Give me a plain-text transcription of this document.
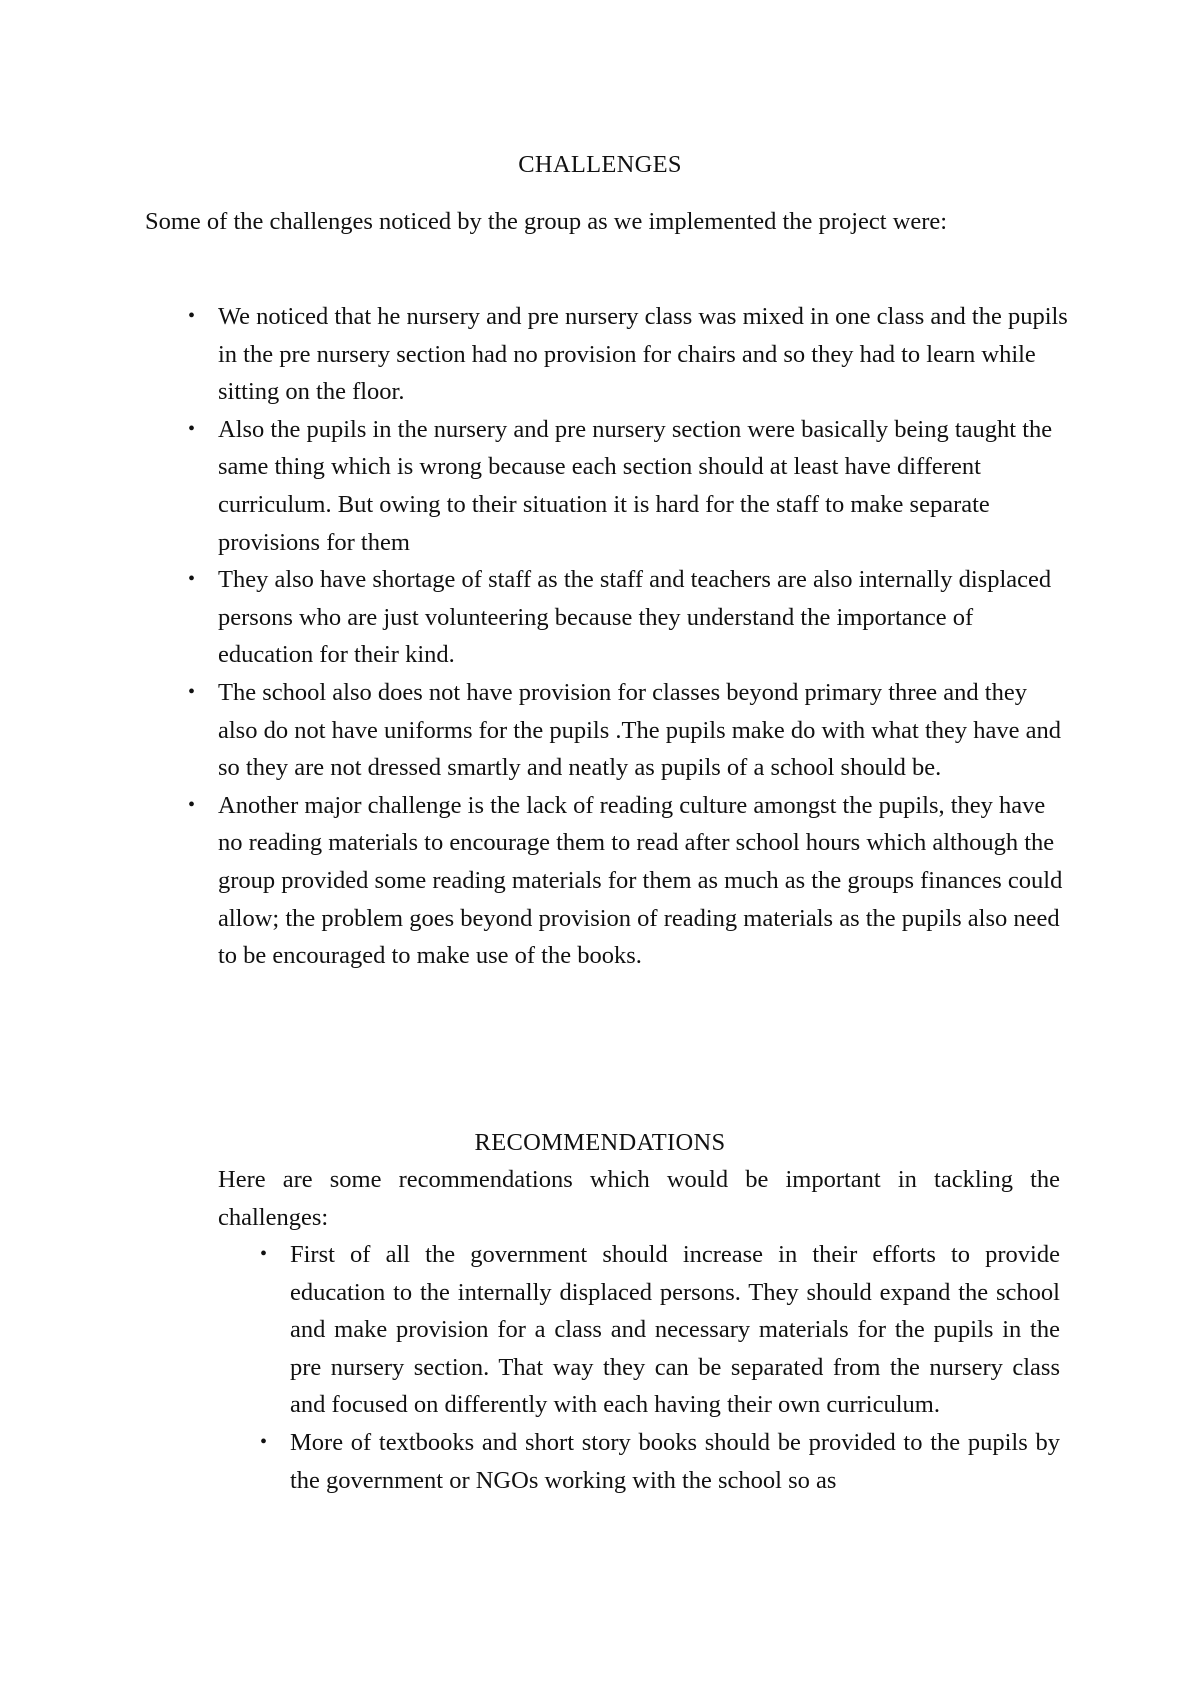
CHALLENGES
Some of the challenges noticed by the group as we implemented the project were:
• We noticed that he nursery and pre nursery class was mixed in one class and the pupils in the pre nursery section had no provision for chairs and so they had to learn while sitting on the floor.
• Also the pupils in the nursery and pre nursery section were basically being taught the same thing which is wrong because each section should at least have different curriculum. But owing to their situation it is hard for the staff to make separate provisions for them
• They also have shortage of staff as the staff and teachers are also internally displaced persons who are just volunteering because they understand the importance of education for their kind.
• The school also does not have provision for classes beyond primary three and they also do not have uniforms for the pupils .The pupils make do with what they have and so they are not dressed smartly and neatly as pupils of a school should be.
• Another major challenge is the lack of reading culture amongst the pupils, they have no reading materials to encourage them to read after school hours which although the group provided some reading materials for them as much as the groups finances could allow; the problem goes beyond provision of reading materials as the pupils also need to be encouraged to make use of the books.
RECOMMENDATIONS
Here are some recommendations which would be important in tackling the challenges:
• First of all the government should increase in their efforts to provide education to the internally displaced persons. They should expand the school and make provision for a class and necessary materials for the pupils in the pre nursery section. That way they can be separated from the nursery class and focused on differently with each having their own curriculum.
• More of textbooks and short story books should be provided to the pupils by the government or NGOs working with the school so as
